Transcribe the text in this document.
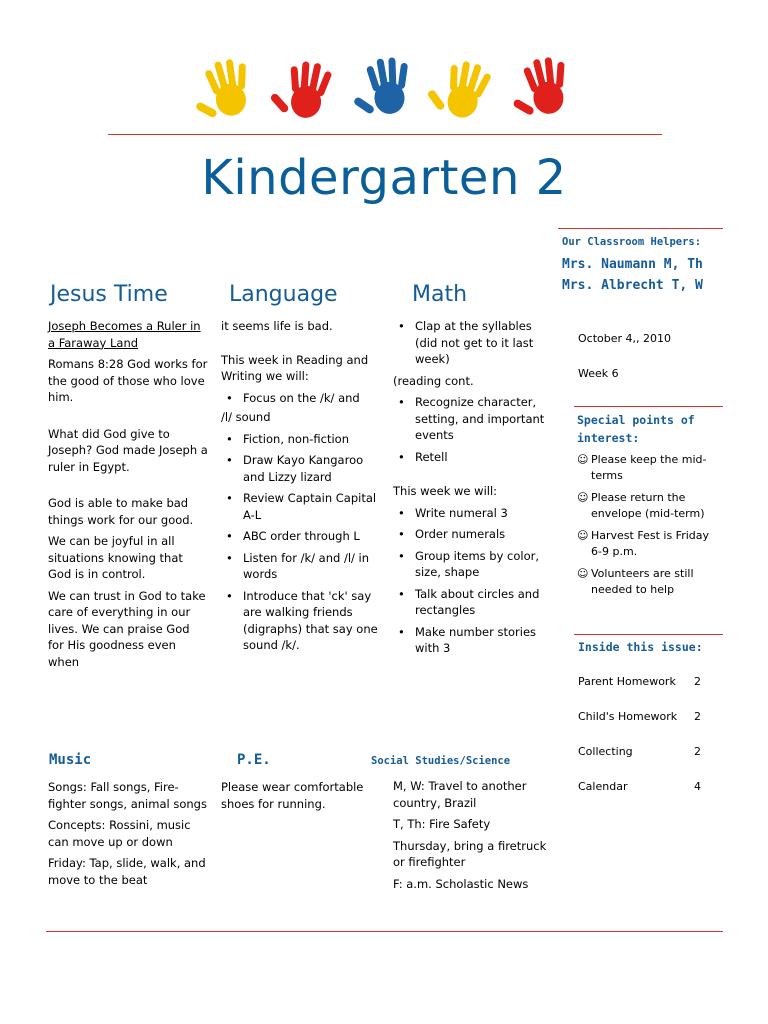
Kindergarten 2
Our Classroom Helpers:
Mrs. Naumann M, Th
Mrs. Albrecht T, W
Jesus Time	Language	Math

Joseph Becomes a Ruler in a Faraway Land

Romans 8:28 God works for the good of those who love him.

What did God give to Joseph? God made Joseph a ruler in Egypt.

God is able to make bad things work for our good.

We can be joyful in all situations knowing that God is in control.

We can trust in God to take care of everything in our lives. We can praise God for His goodness even when

it seems life is bad.

This week in Reading and Writing we will:

• Focus on the /k/ and

/l/ sound

• Fiction, non-fiction
• Draw Kayo Kangaroo and Lizzy lizard
• Review Captain Capital A-L
• ABC order through L
• Listen for /k/ and /l/ in words
• Introduce that 'ck' say are walking friends (digraphs) that say one sound /k/.
• Clap at the syllables (did not get to it last week)

(reading cont.

• Recognize character, setting, and important events
• Retell

This week we will:

• Write numeral 3
• Order numerals
• Group items by color, size, shape
• Talk about circles and rectangles
• Make number stories with 3
October 4,, 2010
Week 6
Special points of interest:
☺ Please keep the mid-terms
☺ Please return the envelope (mid-term)
☺ Harvest Fest is Friday 6-9 p.m.
☺ Volunteers are still needed to help
Inside this issue:
Parent Homework	2
Child's Homework	2
Collecting	2
Calendar	4
Music	P.E.	Social Studies/Science

Songs: Fall songs, Fire-fighter songs, animal songs

Concepts: Rossini, music can move up or down

Friday: Tap, slide, walk, and move to the beat

Please wear comfortable shoes for running.

M, W: Travel to another country, Brazil

T, Th: Fire Safety

Thursday, bring a firetruck or firefighter

F: a.m. Scholastic News
